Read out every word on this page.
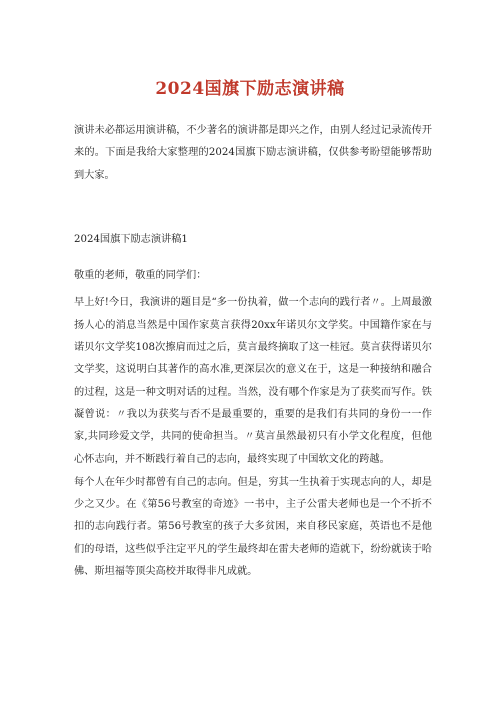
2024国旗下励志演讲稿

演讲未必都运用演讲稿，不少著名的演讲都是即兴之作，由别人经过记录流传开来的。下面是我给大家整理的2024国旗下励志演讲稿，仅供参考盼望能够帮助到大家。

2024国旗下励志演讲稿1

敬重的老师，敬重的同学们：

早上好!今日，我演讲的题目是“多一份执着，做一个志向的践行者〃。上周最激扬人心的消息当然是中国作家莫言获得20xx年诺贝尔文学奖。中国籍作家在与诺贝尔文学奖108次擦肩而过之后，莫言最终摘取了这一桂冠。莫言获得诺贝尔文学奖，这说明白其著作的高水准,更深层次的意义在于，这是一种接纳和融合的过程，这是一种文明对话的过程。当然，没有哪个作家是为了获奖而写作。铁凝曾说：〃我以为获奖与否不是最重要的，重要的是我们有共同的身份一一作家,共同珍爱文学，共同的使命担当。〃莫言虽然最初只有小学文化程度，但他心怀志向，并不断践行着自己的志向，最终实现了中国软文化的跨越。

每个人在年少时都曾有自己的志向。但是，穷其一生执着于实现志向的人，却是少之又少。在《第56号教室的奇迹》一书中，主子公雷夫老师也是一个不折不扣的志向践行者。第56号教室的孩子大多贫困，来自移民家庭，英语也不是他们的母语，这些似乎注定平凡的学生最终却在雷夫老师的造就下，纷纷就读于哈佛、斯坦福等顶尖高校并取得非凡成就。
